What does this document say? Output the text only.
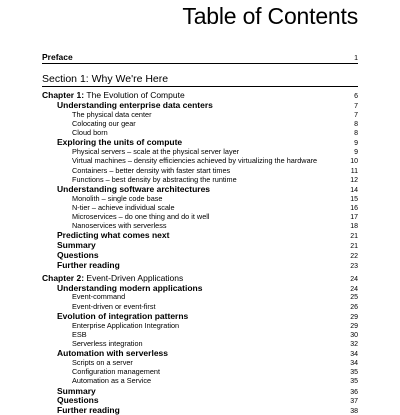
Table of Contents
Preface	1
Section 1: Why We're Here
Chapter 1: The Evolution of Compute	6
Understanding enterprise data centers	7
The physical data center	7
Colocating our gear	8
Cloud born	8
Exploring the units of compute	9
Physical servers – scale at the physical server layer	9
Virtual machines – density efficiencies achieved by virtualizing the hardware	10
Containers – better density with faster start times	11
Functions – best density by abstracting the runtime	12
Understanding software architectures	14
Monolith – single code base	15
N-tier – achieve individual scale	16
Microservices – do one thing and do it well	17
Nanoservices with serverless	18
Predicting what comes next	21
Summary	21
Questions	22
Further reading	23
Chapter 2: Event-Driven Applications	24
Understanding modern applications	24
Event-command	25
Event-driven or event-first	26
Evolution of integration patterns	29
Enterprise Application Integration	29
ESB	30
Serverless integration	32
Automation with serverless	34
Scripts on a server	34
Configuration management	35
Automation as a Service	35
Summary	36
Questions	37
Further reading	38
